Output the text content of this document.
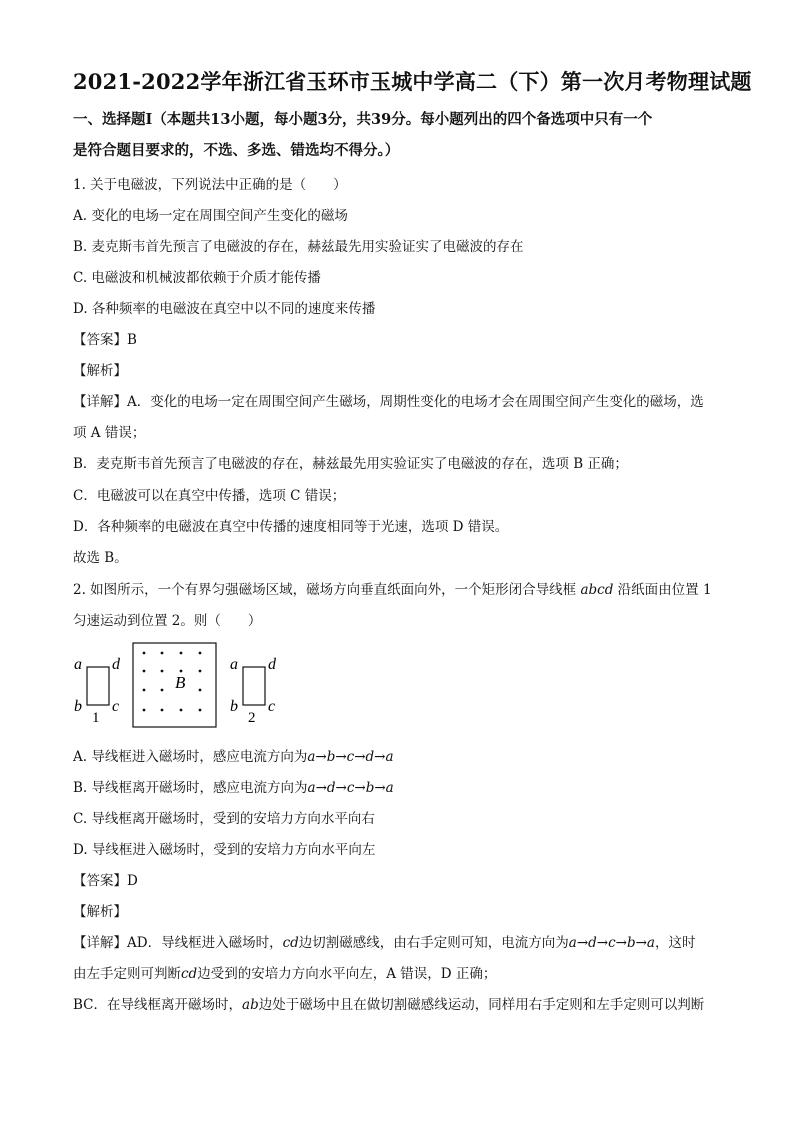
2021-2022学年浙江省玉环市玉城中学高二（下）第一次月考物理试题
一、选择题Ⅰ（本题共13小题，每小题3分，共39分。每小题列出的四个备选项中只有一个
是符合题目要求的，不选、多选、错选均不得分。）
1. 关于电磁波，下列说法中正确的是（　　）
A. 变化的电场一定在周围空间产生变化的磁场
B. 麦克斯韦首先预言了电磁波的存在，赫兹最先用实验证实了电磁波的存在
C. 电磁波和机械波都依赖于介质才能传播
D. 各种频率的电磁波在真空中以不同的速度来传播
【答案】B
【解析】
【详解】A．变化的电场一定在周围空间产生磁场，周期性变化的电场才会在周围空间产生变化的磁场，选
项 A 错误；
B．麦克斯韦首先预言了电磁波的存在，赫兹最先用实验证实了电磁波的存在，选项 B 正确；
C．电磁波可以在真空中传播，选项 C 错误；
D．各种频率的电磁波在真空中传播的速度相同等于光速，选项 D 错误。
故选 B。
2. 如图所示，一个有界匀强磁场区域，磁场方向垂直纸面向外，一个矩形闭合导线框 abcd 沿纸面由位置 1
匀速运动到位置 2。则（　　）
a d
b c
1
B
a d
b c
2
A. 导线框进入磁场时，感应电流方向为a→b→c→d→a
B. 导线框离开磁场时，感应电流方向为a→d→c→b→a
C. 导线框离开磁场时，受到的安培力方向水平向右
D. 导线框进入磁场时，受到的安培力方向水平向左
【答案】D
【解析】
【详解】AD．导线框进入磁场时，cd边切割磁感线，由右手定则可知，电流方向为a→d→c→b→a，这时
由左手定则可判断cd边受到的安培力方向水平向左，A 错误，D 正确；
BC．在导线框离开磁场时，ab边处于磁场中且在做切割磁感线运动，同样用右手定则和左手定则可以判断
